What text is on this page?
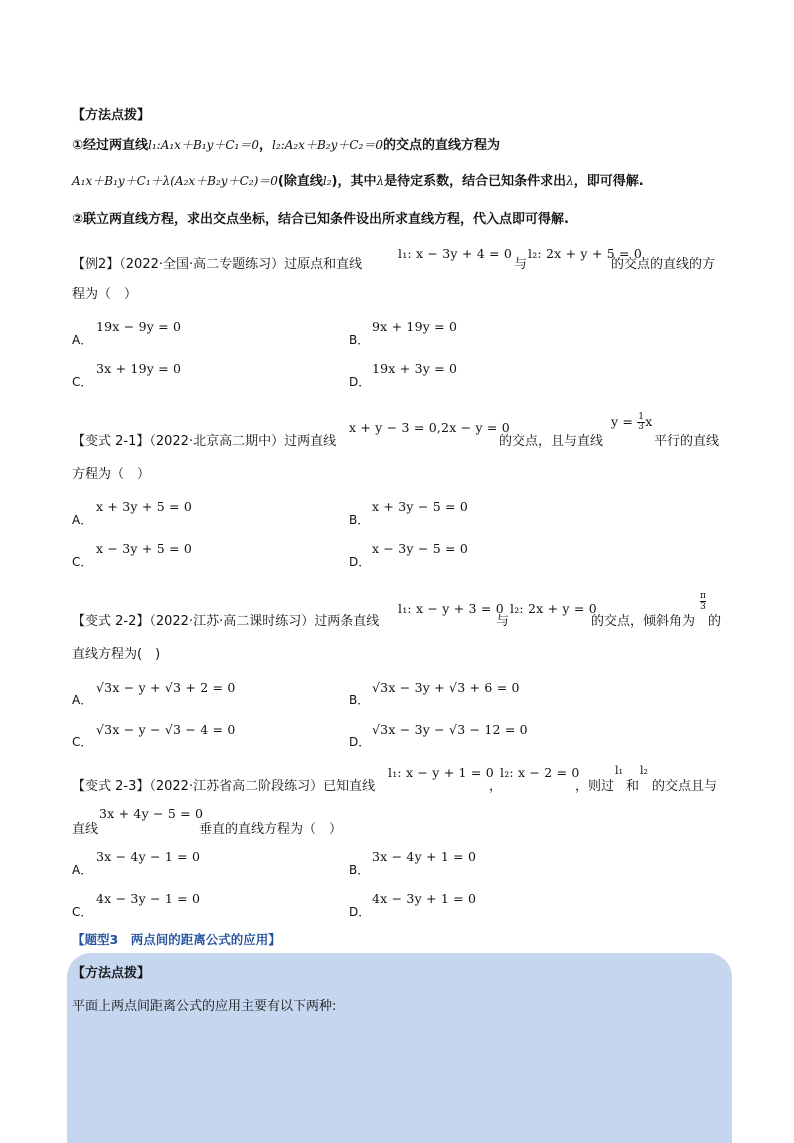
【方法点拨】
①经过两直线l₁:A₁x＋B₁y＋C₁＝0，l₂:A₂x＋B₂y＋C₂＝0的交点的直线方程为
A₁x＋B₁y＋C₁＋λ(A₂x＋B₂y＋C₂)＝0(除直线l₂)，其中λ是待定系数，结合已知条件求出λ，即可得解.
②联立两直线方程，求出交点坐标，结合已知条件设出所求直线方程，代入点即可得解.
【例2】（2022·全国·高二专题练习）过原点和直线
l₁: x − 3y + 4 = 0
与
l₂: 2x + y + 5 = 0
的交点的直线的方
程为（　）
A．
19x − 9y = 0
B．
9x + 19y = 0
C．
3x + 19y = 0
D．
19x + 3y = 0
【变式 2-1】（2022·北京高二期中）过两直线
x + y − 3 = 0,2x − y = 0
的交点，且与直线
$y = \frac{1}{3}$ x
平行的直线
方程为（　）
A．
x + 3y + 5 = 0
B．
x + 3y − 5 = 0
C．
x − 3y + 5 = 0
D．
x − 3y − 5 = 0
【变式 2-2】（2022·江苏·高二课时练习）过两条直线
l₁: x − y + 3 = 0
与
l₂: 2x + y = 0
的交点，倾斜角为
π
3
的
直线方程为(　)
A．
√3x − y + √3 + 2 = 0
B．
√3x − 3y + √3 + 6 = 0
C．
√3x − y − √3 − 4 = 0
D．
√3x − 3y − √3 − 12 = 0
【变式 2-3】（2022·江苏省高二阶段练习）已知直线
l₁: x − y + 1 = 0
，
l₂: x − 2 = 0
，则过
l₁
和
l₂
的交点且与
直线
3x + 4y − 5 = 0
垂直的直线方程为（　）
A．
3x − 4y − 1 = 0
B．
3x − 4y + 1 = 0
C．
4x − 3y − 1 = 0
D．
4x − 3y + 1 = 0
【题型3　两点间的距离公式的应用】
【方法点拨】
平面上两点间距离公式的应用主要有以下两种:
